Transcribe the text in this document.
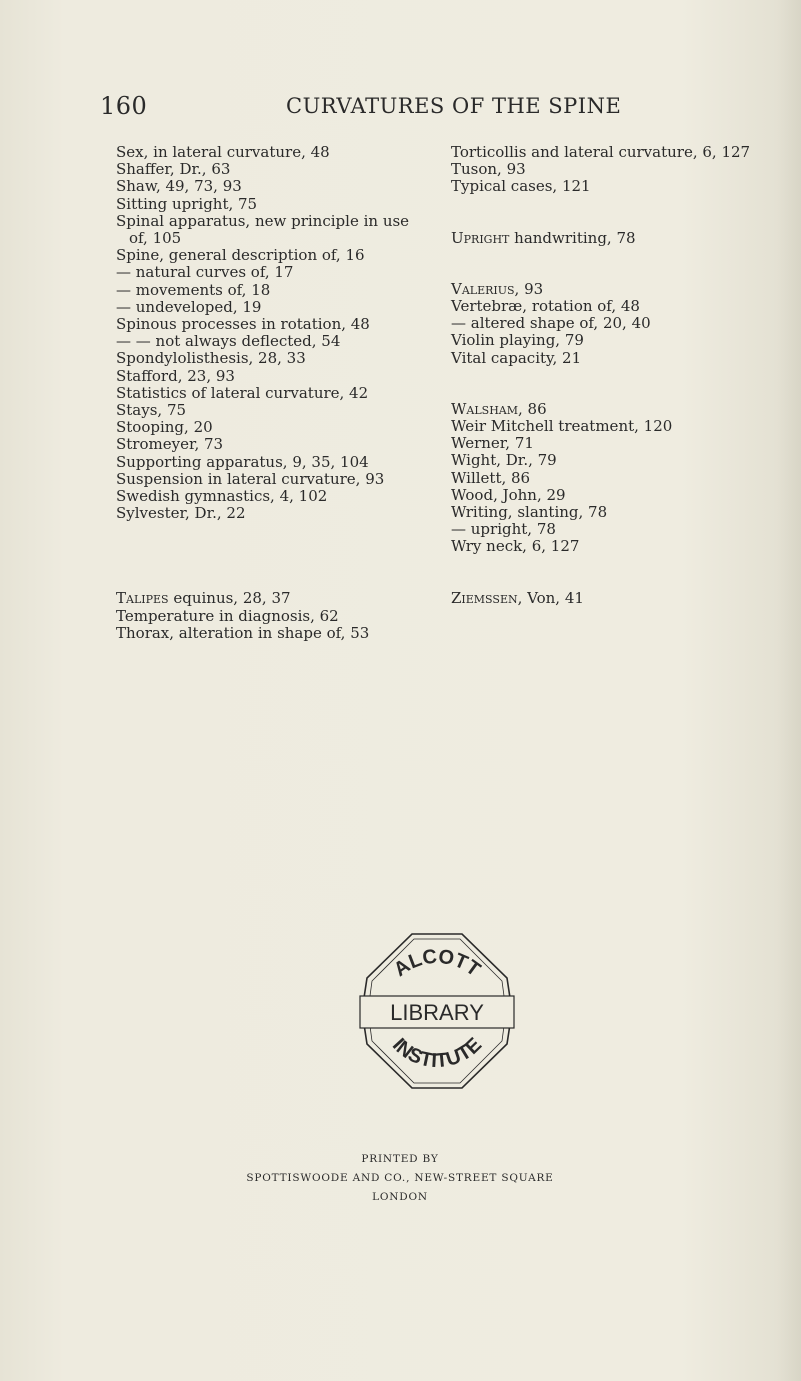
160	CURVATURES OF THE SPINE

Sex, in lateral curvature, 48

Shaffer, Dr., 63

Shaw, 49, 73, 93

Sitting upright, 75

Spinal apparatus, new principle in use of, 105

Spine, general description of, 16

— natural curves of, 17

— movements of, 18

— undeveloped, 19

Spinous processes in rotation, 48

— — not always deflected, 54

Spondylolisthesis, 28, 33

Stafford, 23, 93

Statistics of lateral curvature, 42

Stays, 75

Stooping, 20

Stromeyer, 73

Supporting apparatus, 9, 35, 104

Suspension in lateral curvature, 93

Swedish gymnastics, 4, 102

Sylvester, Dr., 22

Talipes equinus, 28, 37

Temperature in diagnosis, 62

Thorax, alteration in shape of, 53

Torticollis and lateral curvature, 6, 127

Tuson, 93

Typical cases, 121

Upright handwriting, 78

Valerius, 93

Vertebræ, rotation of, 48

— altered shape of, 20, 40

Violin playing, 79

Vital capacity, 21

Walsham, 86

Weir Mitchell treatment, 120

Werner, 71

Wight, Dr., 79

Willett, 86

Wood, John, 29

Writing, slanting, 78

— upright, 78

Wry neck, 6, 127

Ziemssen, Von, 41

ALCOTT
LIBRARY
INSTITUTE
PRINTED BY
SPOTTISWOODE AND CO., NEW-STREET SQUARE
LONDON
